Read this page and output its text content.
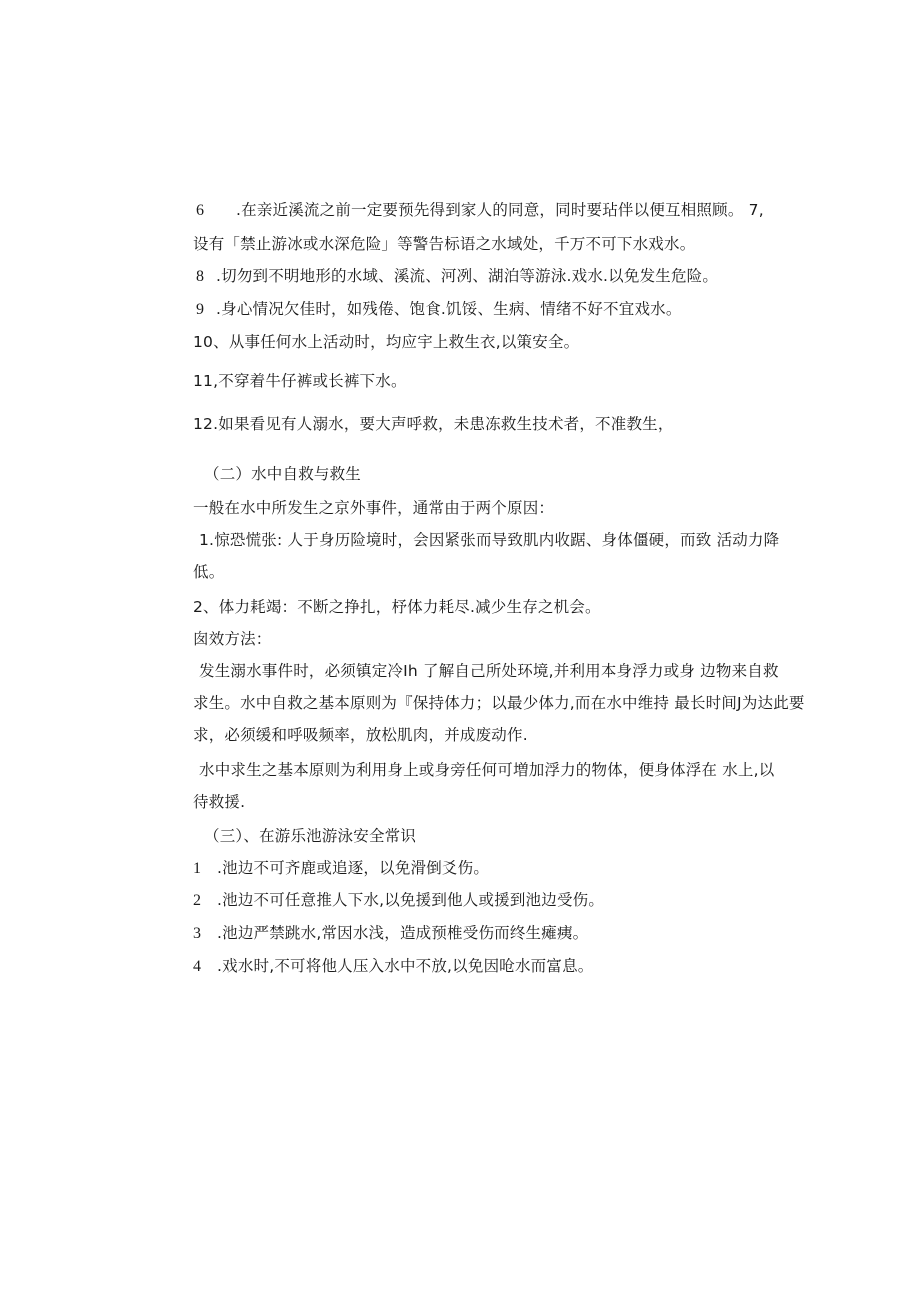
6 .在亲近溪流之前一定要预先得到家人的同意，同时要玷伴以便互相照顾。 7,
设有「禁止游冰或水深危险」等警告标语之水域处，千万不可下水戏水。
8 .切勿到不明地形的水域、溪流、河冽、湖泊等游泳.戏水.以免发生危险。
9 .身心情况欠佳时，如残倦、饱食.饥馁、生病、情绪不好不宜戏水。
10、从事任何水上活动时，均应宇上救生衣,以策安全。
11,不穿着牛仔裤或长裤下水。
12.如果看见有人溺水，要大声呼救，未患冻救生技术者，不准教生，
（二）水中自救与救生
一般在水中所发生之京外事件，通常由于两个原因：
1.惊恐慌张: 人于身历险境时，会因紧张而导致肌内收踞、身体僵硬，而致 活动力降
低。
2、体力耗竭：不断之挣扎，杼体力耗尽.减少生存之机会。
囱效方法：
发生溺水事件时，必须镇定冷Ih 了解自己所处环境,并利用本身浮力或身 边物来自救
求生。水中自救之基本原则为『保持体力；以最少体力,而在水中维持 最长时间J为达此要
求，必须缓和呼吸频率，放松肌肉，并成废动作.
水中求生之基本原则为利用身上或身旁任何可増加浮力的物体，便身体浮在 水上,以
待救援.
（三）、在游乐池游泳安全常识
1 .池边不可齐鹿或追逐，以免滑倒爻伤。
2 .池边不可任意推人下水,以免援到他人或援到池边受伤。
3 .池边严禁跳水,常因水浅，造成预椎受伤而终生瘫痍。
4 .戏水时,不可将他人压入水中不放,以免因呛水而富息。
